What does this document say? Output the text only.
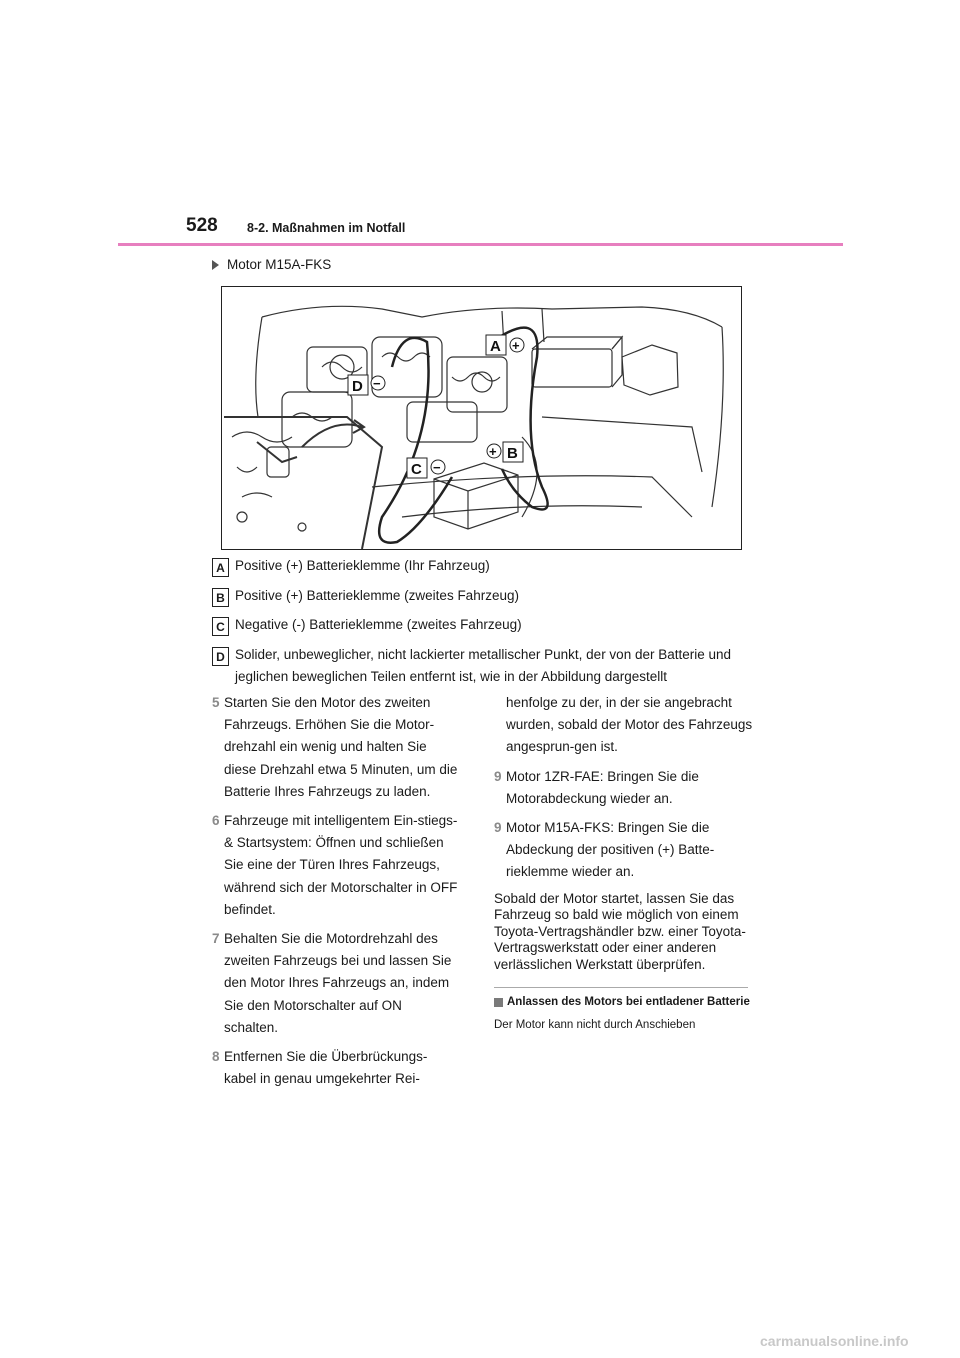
528 8-2. Maßnahmen im Notfall
Motor M15A-FKS
A +
D −
+ B
C −
A Positive (+) Batterieklemme (Ihr Fahrzeug)
B Positive (+) Batterieklemme (zweites Fahrzeug)
C Negative (-) Batterieklemme (zweites Fahrzeug)
D Solider, unbeweglicher, nicht lackierter metallischer Punkt, der von der Batterie und jeglichen beweglichen Teilen entfernt ist, wie in der Abbildung dargestellt
5 Starten Sie den Motor des zweiten Fahrzeugs. Erhöhen Sie die Motor-drehzahl ein wenig und halten Sie diese Drehzahl etwa 5 Minuten, um die Batterie Ihres Fahrzeugs zu laden.
6 Fahrzeuge mit intelligentem Ein-stiegs- & Startsystem: Öffnen und schließen Sie eine der Türen Ihres Fahrzeugs, während sich der Motorschalter in OFF befindet.
7 Behalten Sie die Motordrehzahl des zweiten Fahrzeugs bei und lassen Sie den Motor Ihres Fahrzeugs an, indem Sie den Motorschalter auf ON schalten.
8 Entfernen Sie die Überbrückungs-kabel in genau umgekehrter Rei-
henfolge zu der, in der sie angebracht wurden, sobald der Motor des Fahrzeugs angesprun-gen ist.
9 Motor 1ZR-FAE: Bringen Sie die Motorabdeckung wieder an.
9 Motor M15A-FKS: Bringen Sie die Abdeckung der positiven (+) Batte-rieklemme wieder an.
Sobald der Motor startet, lassen Sie das Fahrzeug so bald wie möglich von einem Toyota-Vertragshändler bzw. einer Toyota-Vertragswerkstatt oder einer anderen verlässlichen Werkstatt überprüfen.
Anlassen des Motors bei entladener Batterie
Der Motor kann nicht durch Anschieben
carmanualsonline.info
